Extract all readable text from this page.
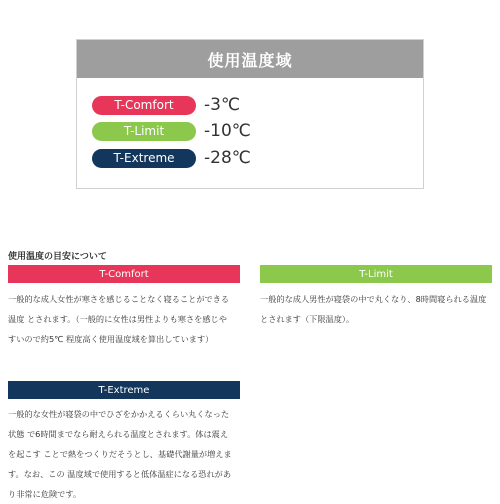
使用温度域
T-Comfort	-3℃
T-Limit	-10℃
T-Extreme	-28℃
使用温度の目安について
T-Comfort
一般的な成人女性が寒さを感じることなく寝ることができる
温度 とされます。（一般的に女性は男性よりも寒さを感じや
すいので約5℃ 程度高く使用温度域を算出しています）
T-Limit
一般的な成人男性が寝袋の中で丸くなり、8時間寝られる温度
とされます（下限温度）。
T-Extreme
一般的な女性が寝袋の中でひざをかかえるくらい丸くなった
状態 で6時間までなら耐えられる温度とされます。体は震え
を起こす ことで熱をつくりだそうとし、基礎代謝量が増えま
す。なお、この 温度域で使用すると低体温症になる恐れがあ
り非常に危険です。
